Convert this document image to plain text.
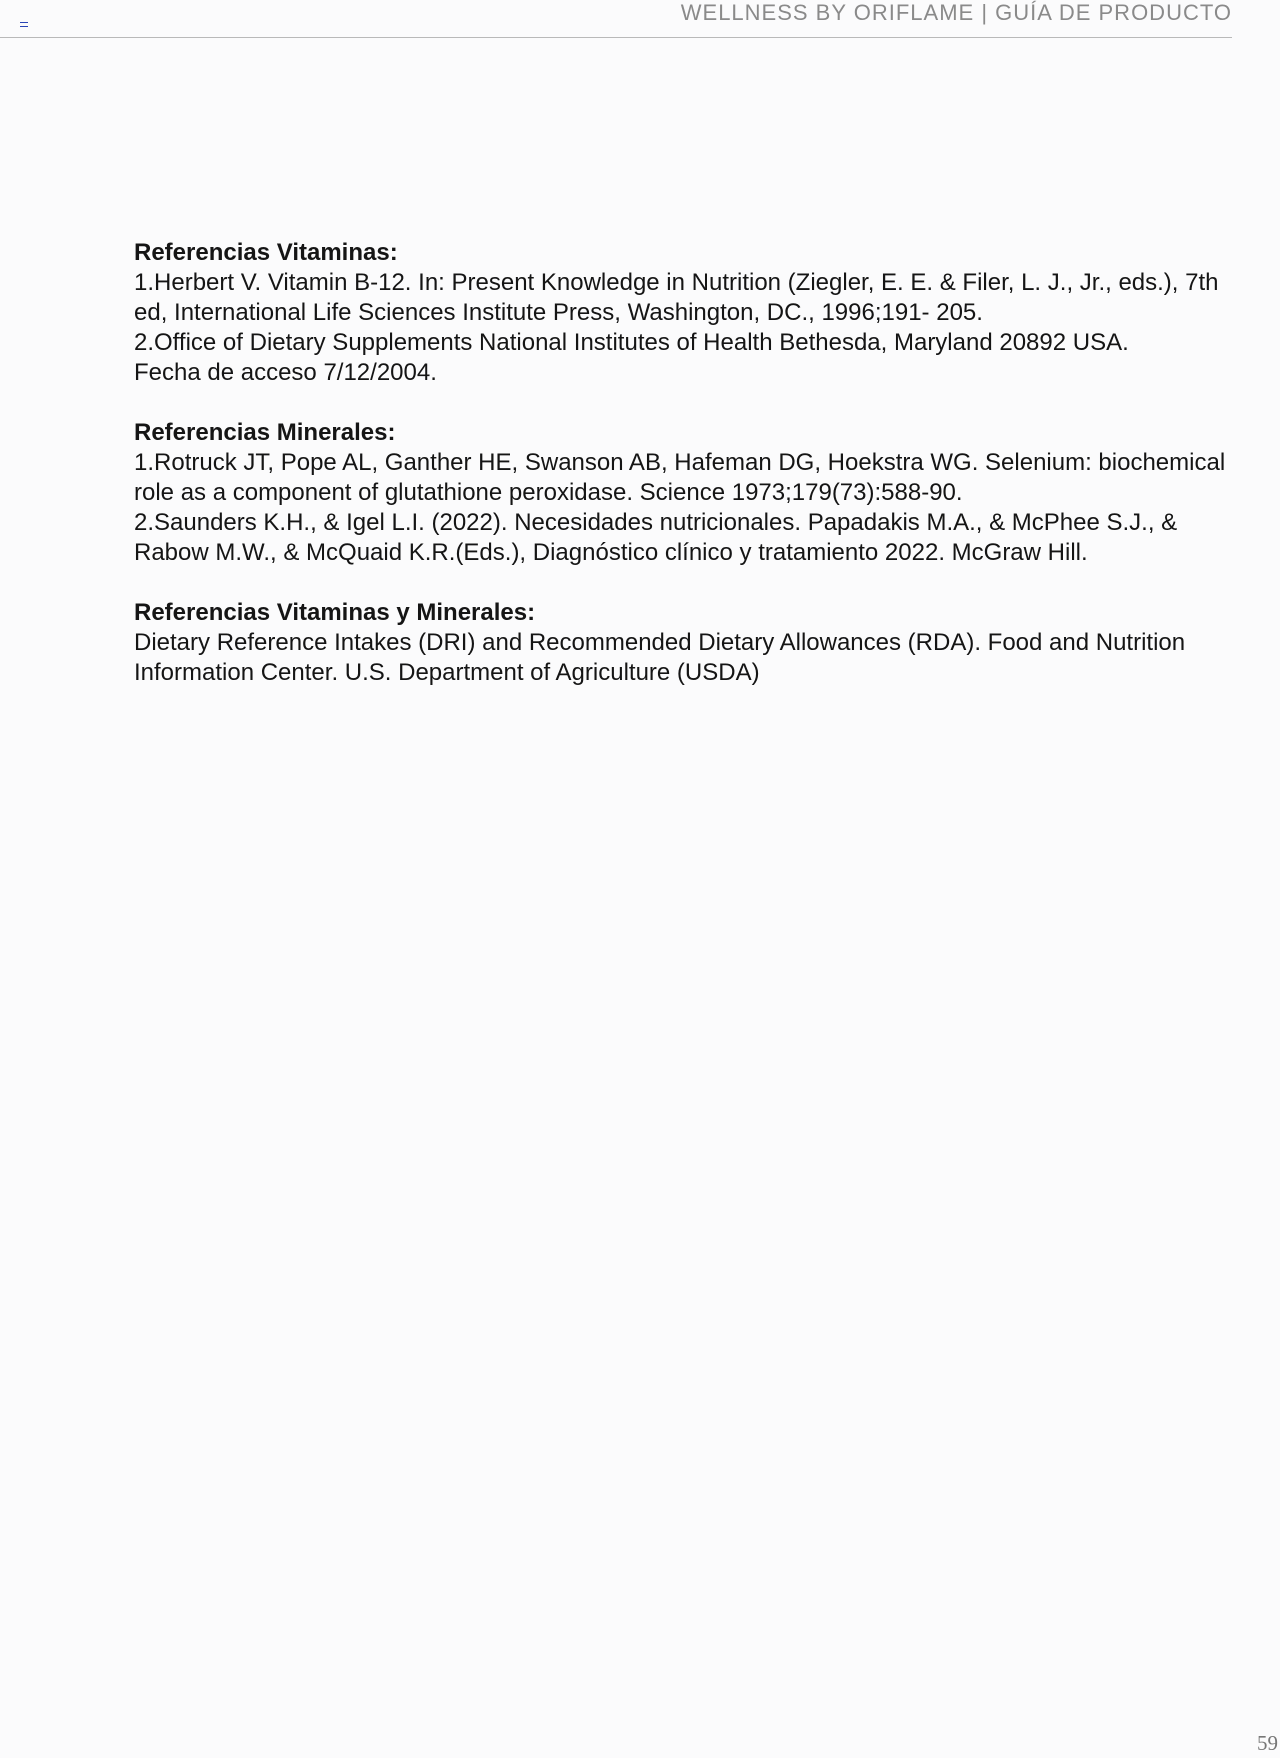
WELLNESS BY ORIFLAME | GUÍA DE PRODUCTO

Referencias Vitaminas:

1.Herbert V. Vitamin B-12. In: Present Knowledge in Nutrition (Ziegler, E. E. & Filer, L. J., Jr., eds.), 7th
ed, International Life Sciences Institute Press, Washington, DC., 1996;191- 205.

2.Office of Dietary Supplements National Institutes of Health Bethesda, Maryland 20892 USA.
Fecha de acceso 7/12/2004.

Referencias Minerales:

1.Rotruck JT, Pope AL, Ganther HE, Swanson AB, Hafeman DG, Hoekstra WG. Selenium: biochemical
role as a component of glutathione peroxidase. Science 1973;179(73):588-90.

2.Saunders K.H., & Igel L.I. (2022). Necesidades nutricionales. Papadakis M.A., & McPhee S.J., &
Rabow M.W., & McQuaid K.R.(Eds.), Diagnóstico clínico y tratamiento 2022. McGraw Hill.

Referencias Vitaminas y Minerales:

Dietary Reference Intakes (DRI) and Recommended Dietary Allowances (RDA). Food and Nutrition
Information Center. U.S. Department of Agriculture (USDA)

59
